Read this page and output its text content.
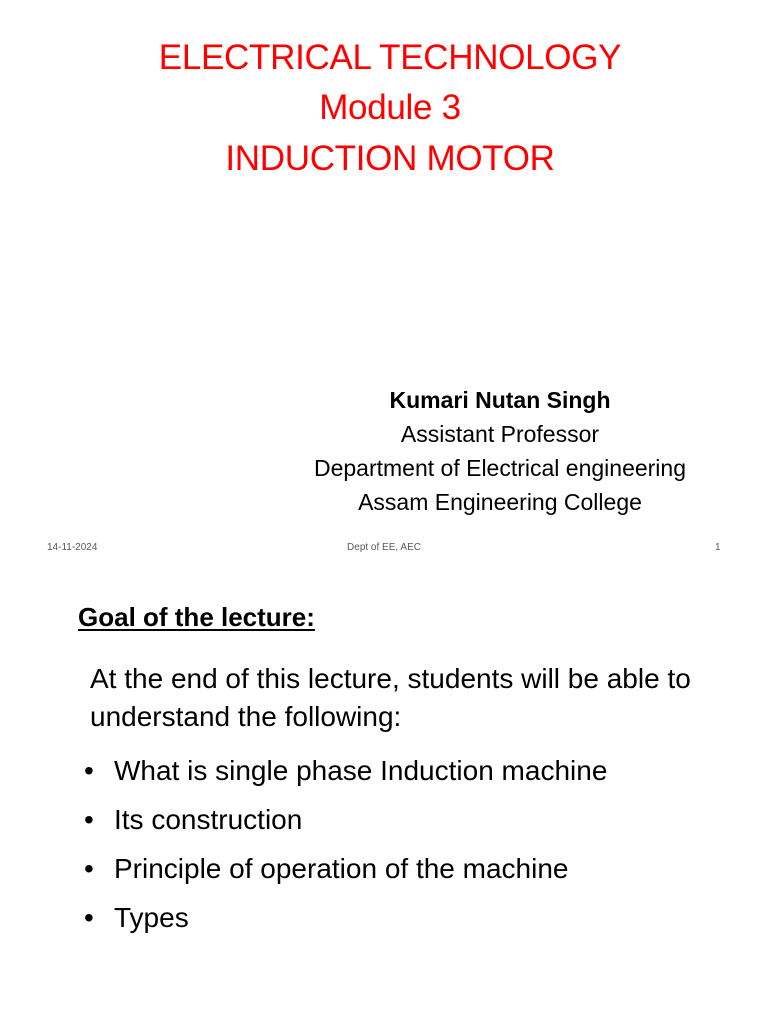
ELECTRICAL TECHNOLOGY
Module 3
INDUCTION MOTOR
Kumari Nutan Singh
Assistant Professor
Department of Electrical engineering
Assam Engineering College
14-11-2024	Dept of EE, AEC	1
Goal of the lecture:
At the end of this lecture, students will be able to understand the following:
• What is single phase Induction machine
• Its construction
• Principle of operation of the machine
• Types
